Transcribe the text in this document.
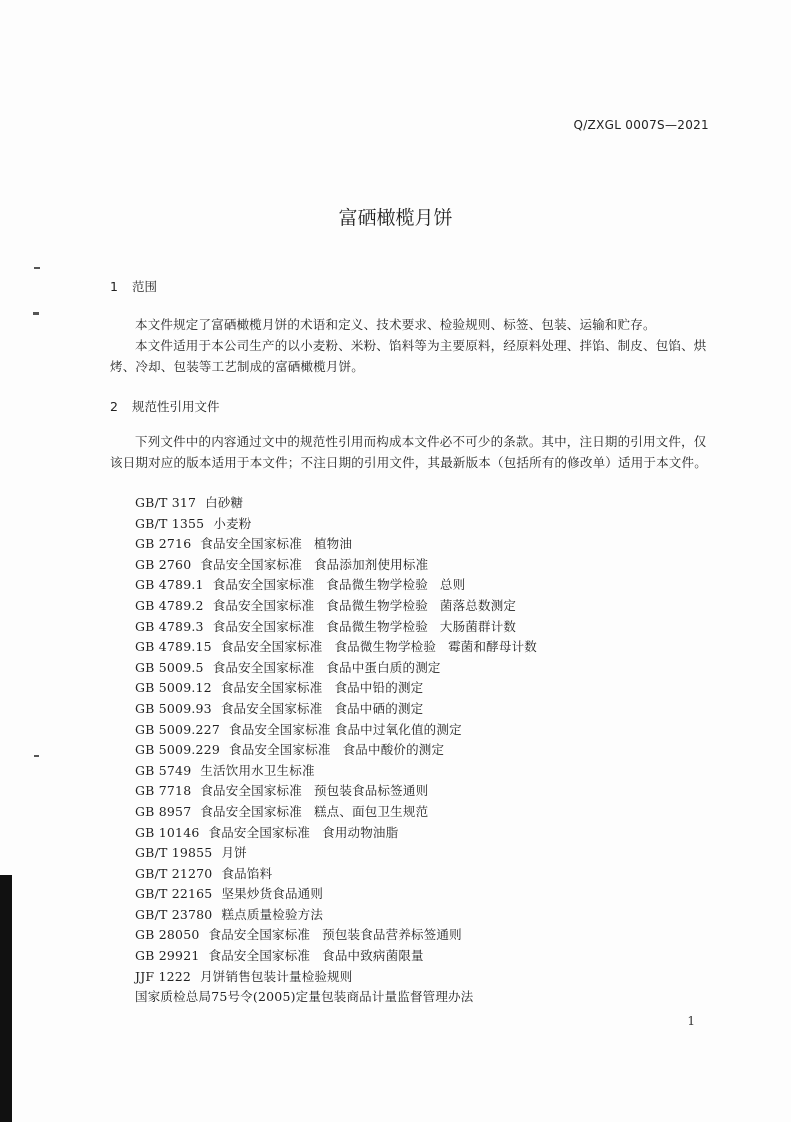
Q/ZXGL 0007S—2021
富硒橄榄月饼
1 范围
本文件规定了富硒橄榄月饼的术语和定义、技术要求、检验规则、标签、包装、运输和贮存。
本文件适用于本公司生产的以小麦粉、米粉、馅料等为主要原料，经原料处理、拌馅、制皮、包馅、烘烤、冷却、包装等工艺制成的富硒橄榄月饼。
2 规范性引用文件
下列文件中的内容通过文中的规范性引用而构成本文件必不可少的条款。其中，注日期的引用文件，仅该日期对应的版本适用于本文件；不注日期的引用文件，其最新版本（包括所有的修改单）适用于本文件。
GB/T 317 白砂糖
GB/T 1355 小麦粉
GB 2716 食品安全国家标准 植物油
GB 2760 食品安全国家标准 食品添加剂使用标准
GB 4789.1 食品安全国家标准 食品微生物学检验 总则
GB 4789.2 食品安全国家标准 食品微生物学检验 菌落总数测定
GB 4789.3 食品安全国家标准 食品微生物学检验 大肠菌群计数
GB 4789.15 食品安全国家标准 食品微生物学检验 霉菌和酵母计数
GB 5009.5 食品安全国家标准 食品中蛋白质的测定
GB 5009.12 食品安全国家标准 食品中铅的测定
GB 5009.93 食品安全国家标准 食品中硒的测定
GB 5009.227 食品安全国家标准 食品中过氧化值的测定
GB 5009.229 食品安全国家标准 食品中酸价的测定
GB 5749 生活饮用水卫生标准
GB 7718 食品安全国家标准 预包装食品标签通则
GB 8957 食品安全国家标准 糕点、面包卫生规范
GB 10146 食品安全国家标准 食用动物油脂
GB/T 19855 月饼
GB/T 21270 食品馅料
GB/T 22165 坚果炒货食品通则
GB/T 23780 糕点质量检验方法
GB 28050 食品安全国家标准 预包装食品营养标签通则
GB 29921 食品安全国家标准 食品中致病菌限量
JJF 1222 月饼销售包装计量检验规则
国家质检总局75号令(2005)定量包装商品计量监督管理办法
1
